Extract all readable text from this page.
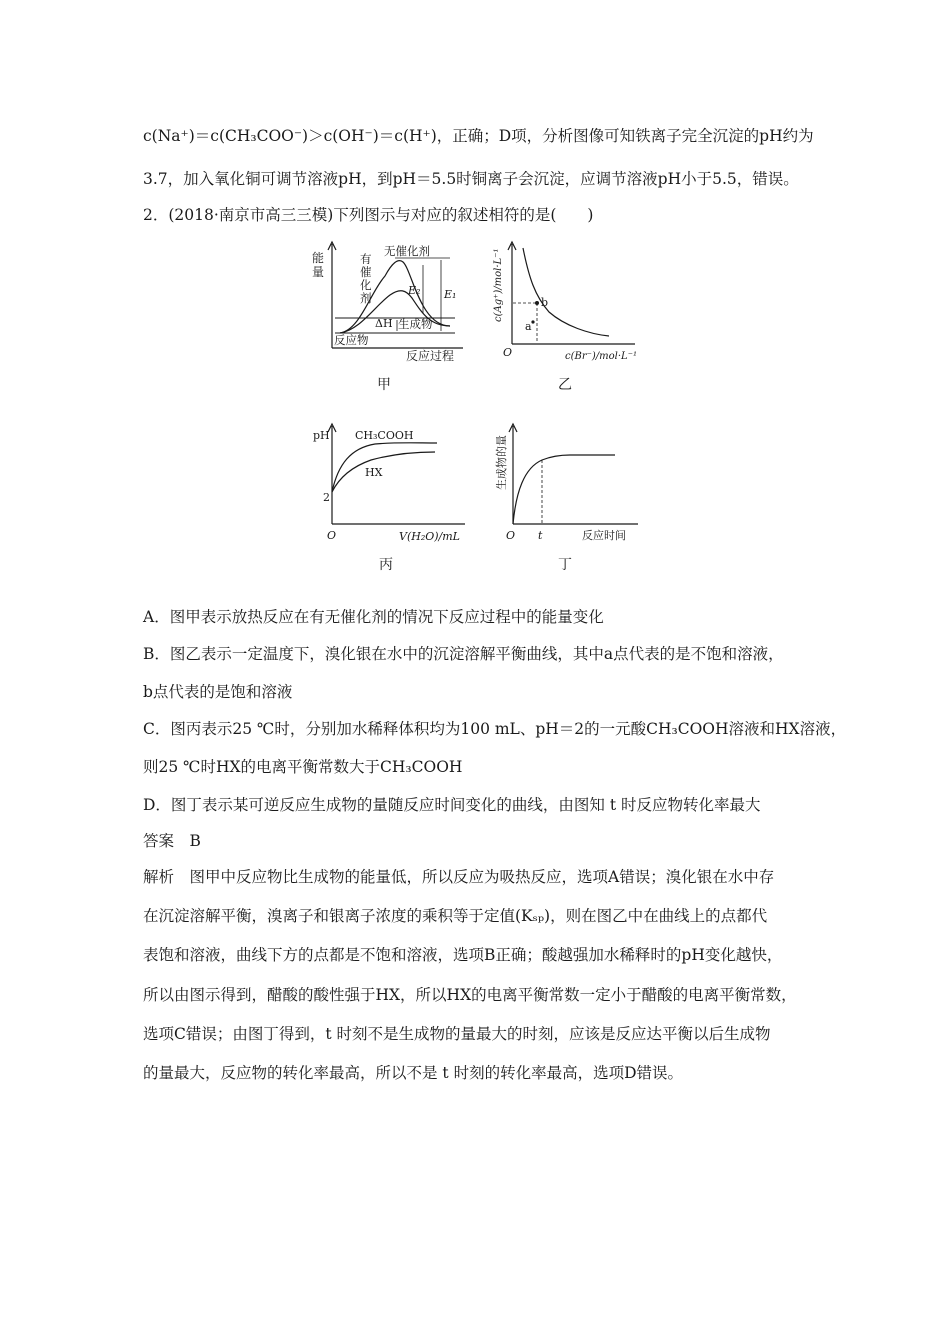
c(Na⁺)＝c(CH₃COO⁻)＞c(OH⁻)＝c(H⁺)，正确；D项，分析图像可知铁离子完全沉淀的pH约为
3.7，加入氧化铜可调节溶液pH，到pH＝5.5时铜离子会沉淀，应调节溶液pH小于5.5，错误。
2．(2018·南京市高三三模)下列图示与对应的叙述相符的是(　　)
能
量
无催化剂
有
催
化
剂
E₂ E₁
ΔH 生成物
反应物
反应过程
甲
b
a
c(Ag⁺)/mol·L⁻¹
O	c(Br⁻)/mol·L⁻¹
乙
pH CH₃COOH
HX
2
O	V(H₂O)/mL
丙
生成物的量
O t	反应时间
丁
A．图甲表示放热反应在有无催化剂的情况下反应过程中的能量变化
B．图乙表示一定温度下，溴化银在水中的沉淀溶解平衡曲线，其中a点代表的是不饱和溶液，
b点代表的是饱和溶液
C．图丙表示25 ℃时，分别加水稀释体积均为100 mL、pH＝2的一元酸CH₃COOH溶液和HX溶液，
则25 ℃时HX的电离平衡常数大于CH₃COOH
D．图丁表示某可逆反应生成物的量随反应时间变化的曲线，由图知 t 时反应物转化率最大
答案　B
解析　图甲中反应物比生成物的能量低，所以反应为吸热反应，选项A错误；溴化银在水中存
在沉淀溶解平衡，溴离子和银离子浓度的乘积等于定值(Kₛₚ)，则在图乙中在曲线上的点都代
表饱和溶液，曲线下方的点都是不饱和溶液，选项B正确；酸越强加水稀释时的pH变化越快，
所以由图示得到，醋酸的酸性强于HX，所以HX的电离平衡常数一定小于醋酸的电离平衡常数，
选项C错误；由图丁得到，t 时刻不是生成物的量最大的时刻，应该是反应达平衡以后生成物
的量最大，反应物的转化率最高，所以不是 t 时刻的转化率最高，选项D错误。
